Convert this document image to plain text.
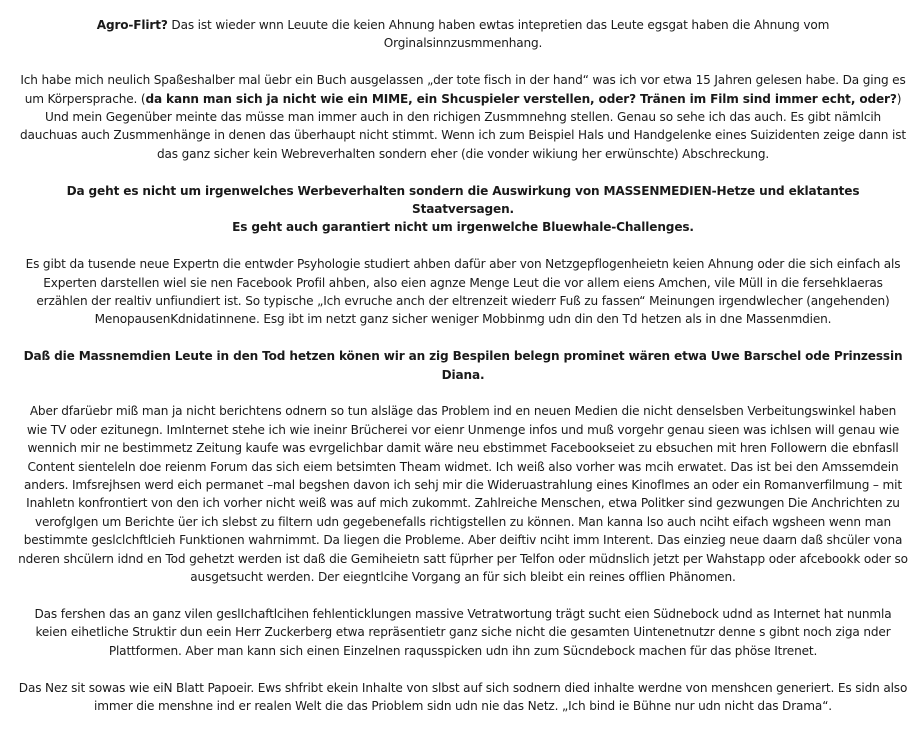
Agro-Flirt? Das ist wieder wnn Leuute die keien Ahnung haben ewtas intepretien das Leute egsgat haben die Ahnung vom Orginalsinnzusmmenhang.

Ich habe mich neulich Spaßeshalber mal üebr ein Buch ausgelassen „der tote fisch in der hand“ was ich vor etwa 15 Jahren gelesen habe. Da ging es um Körpersprache. (da kann man sich ja nicht wie ein MIME, ein Shcuspieler verstellen, oder? Tränen im Film sind immer echt, oder?) Und mein Gegenüber meinte das müsse man immer auch in den richigen Zusmmnehng stellen. Genau so sehe ich das auch. Es gibt nämlcih dauchuas auch Zusmmenhänge in denen das überhaupt nicht stimmt. Wenn ich zum Beispiel Hals und Handgelenke eines Suizidenten zeige dann ist das ganz sicher kein Webreverhalten sondern eher (die vonder wikiung her erwünschte) Abschreckung.

Da geht es nicht um irgenwelches Werbeverhalten sondern die Auswirkung von MASSENMEDIEN-Hetze und eklatantes Staatversagen.
Es geht auch garantiert nicht um irgenwelche Bluewhale-Challenges.

Es gibt da tusende neue Expertn die entwder Psyhologie studiert ahben dafür aber von Netzgepflogenheietn keien Ahnung oder die sich einfach als Experten darstellen wiel sie nen Facebook Profil ahben, also eien agnze Menge Leut die vor allem eiens Amchen, vile Müll in die fersehklaeras erzählen der realtiv unfiundiert ist. So typische „Ich evruche anch der eltrenzeit wiederr Fuß zu fassen“ Meinungen irgendwlecher (angehenden) MenopausenKdnidatinnene. Esg ibt im netzt ganz sicher weniger Mobbinmg udn din den Td hetzen als in dne Massenmdien.

Daß die Massnemdien Leute in den Tod hetzen könen wir an zig Bespilen belegn prominet wären etwa Uwe Barschel ode Prinzessin Diana.

Aber dfarüebr miß man ja nicht berichtens odnern so tun alsläge das Problem ind en neuen Medien die nicht denselsben Verbeitungswinkel haben wie TV oder ezitunegn. ImInternet stehe ich wie ineinr Brücherei vor eienr Unmenge infos und muß vorgehr genau sieen was ichlsen will genau wie wennich mir ne bestimmetz Zeitung kaufe was evrgelichbar damit wäre neu ebstimmet Facebookseiet zu ebsuchen mit hren Followern die ebnfasll Content sienteleln doe reienm Forum das sich eiem betsimten Theam widmet. Ich weiß also vorher was mcih erwatet. Das ist bei den Amssemdein anders. Imfsrejhsen werd eich permanet –mal begshen davon ich sehj mir die Wideruastrahlung eines Kinoflmes an oder ein Romanverfilmung – mit Inahletn konfrontiert von den ich vorher nicht weiß was auf mich zukommt. Zahlreiche Menschen, etwa Politker sind gezwungen Die Anchrichten zu verofglgen um Berichte üer ich slebst zu filtern udn gegebenefalls richtigstellen zu können. Man kanna lso auch nciht eifach wgsheen wenn man bestimmte geslclchftlcieh Funktionen wahrnimmt. Da liegen die Probleme. Aber deiftiv nciht imm Interent. Das einzieg neue daarn daß shcüler vona nderen shcülern idnd en Tod gehetzt werden ist daß die Gemiheietn satt füprher per Telfon oder müdnslich jetzt per Wahstapp oder afcebookk oder so ausgetsucht werden. Der eiegntlcihe Vorgang an für sich bleibt ein reines offlien Phänomen.

Das fershen das an ganz vilen geslIchaftlcihen fehlenticklungen massive Vetratwortung trägt sucht eien Südnebock udnd as Internet hat nunmla keien eihetliche Struktir dun eein Herr Zuckerberg etwa repräsentietr ganz siche nicht die gesamten Uintenetnutzr denne s gibnt noch ziga nder Plattformen. Aber man kann sich einen Einzelnen raqusspicken udn ihn zum Sücndebock machen für das phöse Itrenet.

Das Nez sit sowas wie eiN Blatt Papoeir. Ews shfribt ekein Inhalte von slbst auf sich sodnern died inhalte werdne von menshcen generiert. Es sidn also immer die menshne ind er realen Welt die das Prioblem sidn udn nie das Netz. „Ich bind ie Bühne nur udn nicht das Drama“.
